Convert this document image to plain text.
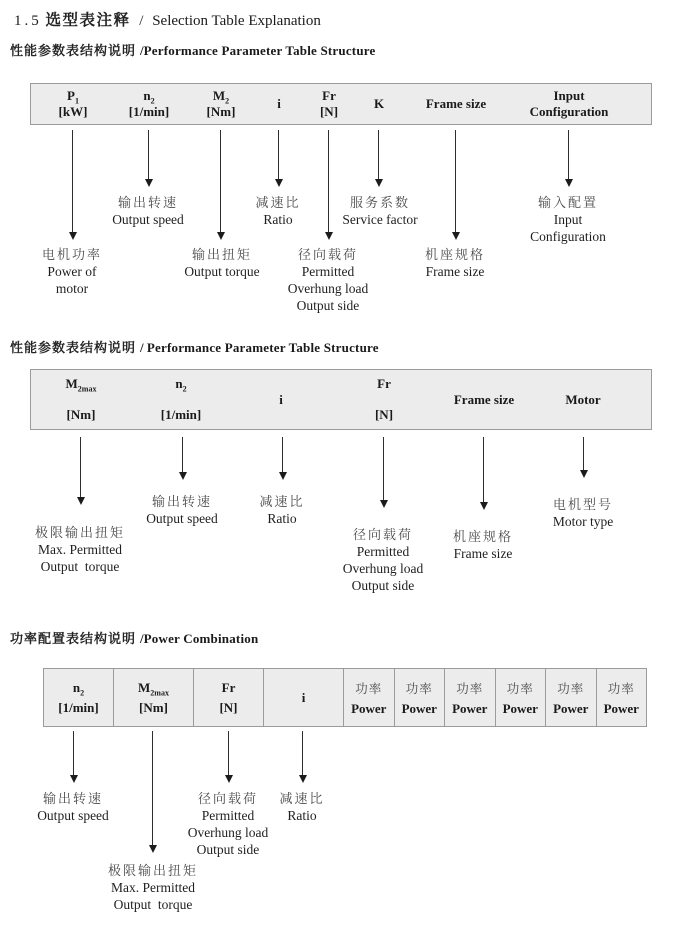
1.5 选型表注释 / Selection Table Explanation
性能参数表结构说明 /Performance Parameter Table Structure
$P_1$
[kW]
$n_2$
[1/min]
$M_2$
[Nm]
i
Fr
[N]
K	Frame size
Input
Configuration
电机功率
Power of
motor
输出转速
Output speed
输出扭矩
Output torque
减速比
Ratio
径向载荷
Permitted
Overhung load
Output side
服务系数
Service factor
机座规格
Frame size
输入配置
Input
Configuration
性能参数表结构说明 / Performance Parameter Table Structure
$M_{2max}$
[Nm]
$n_2$
[1/min]
i
Fr
[N]
Frame size	Motor
极限输出扭矩
Max. Permitted
Output  torque
输出转速
Output speed
减速比
Ratio
径向载荷
Permitted
Overhung load
Output side
机座规格
Frame size
电机型号
Motor type
功率配置表结构说明 /Power Combination
$n_2$
[1/min]
$M_{2max}$
[Nm]
Fr
[N]
i
功率
Power
功率
Power
功率
Power
功率
Power
功率
Power
功率
Power
输出转速
Output speed
极限输出扭矩
Max. Permitted
Output  torque
径向载荷
Permitted
Overhung load
Output side
减速比
Ratio
